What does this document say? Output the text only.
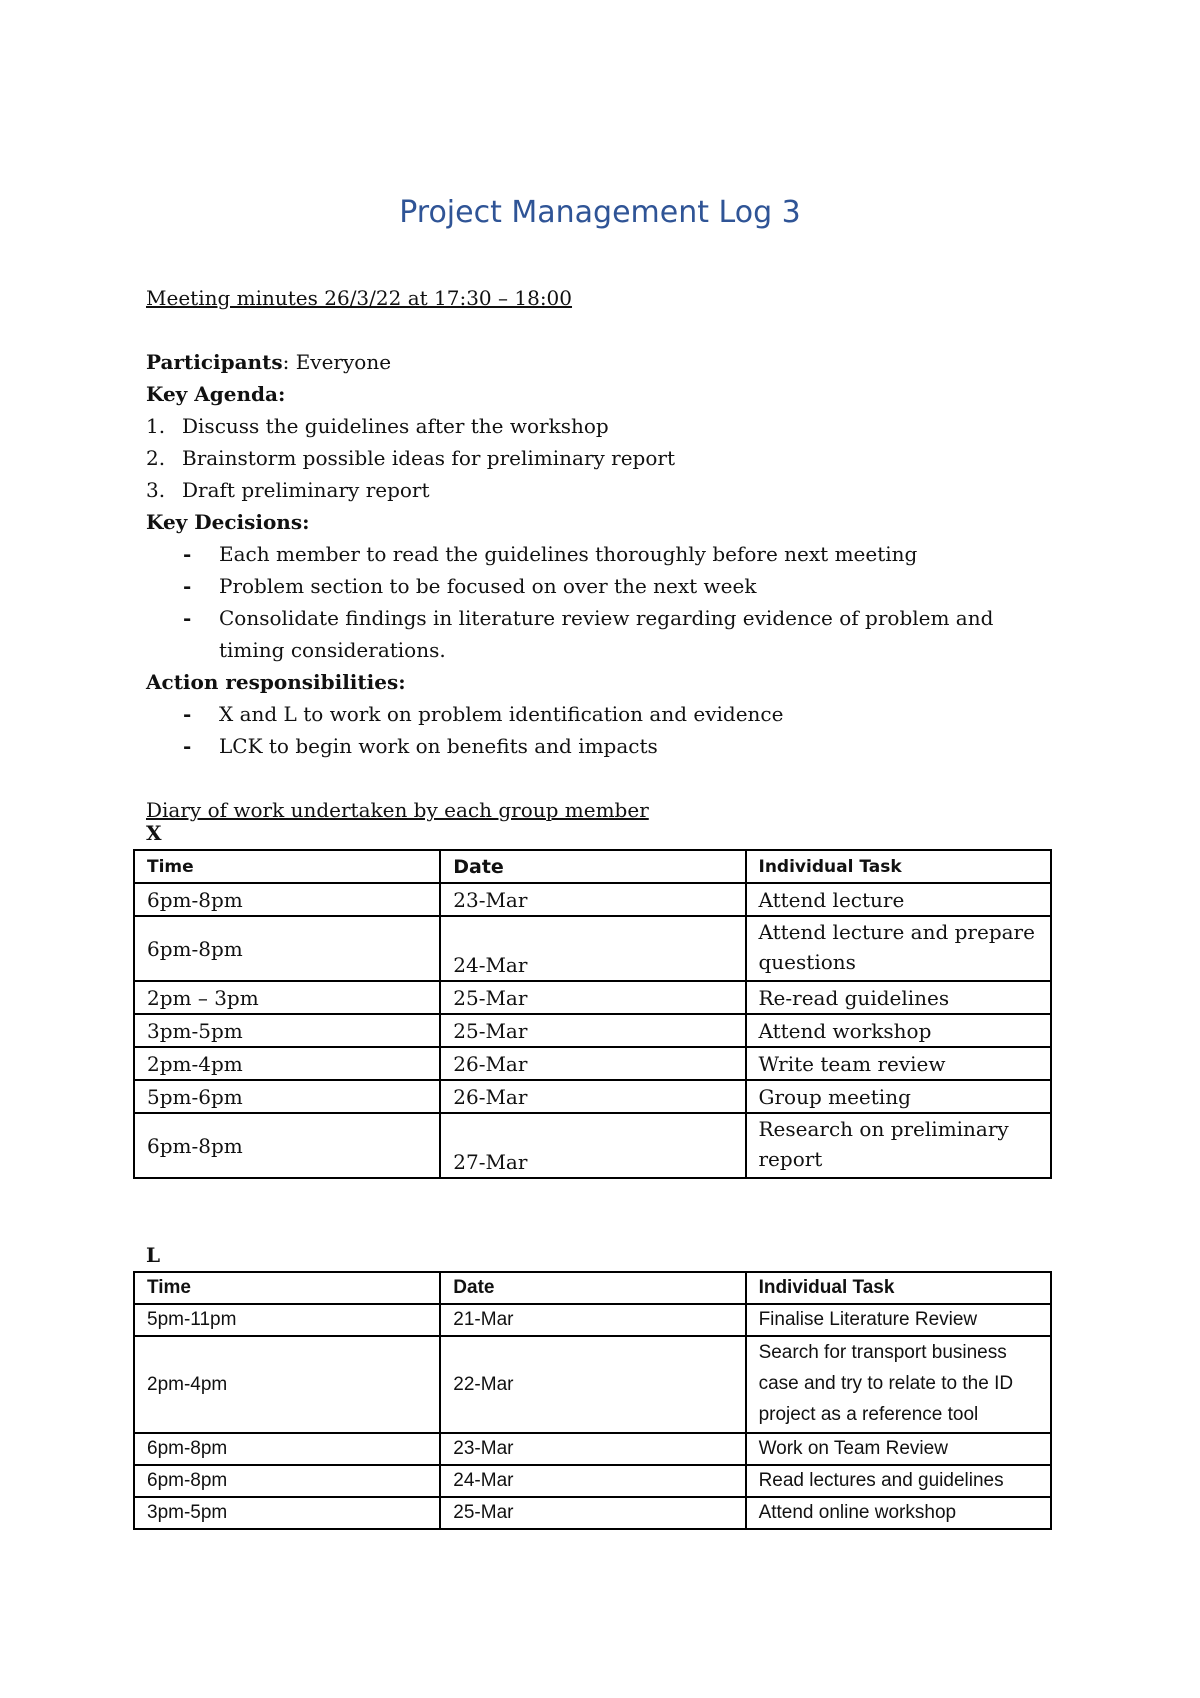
Project Management Log 3
Meeting minutes 26/3/22 at 17:30 – 18:00
Participants: Everyone
Key Agenda:
1. Discuss the guidelines after the workshop
2. Brainstorm possible ideas for preliminary report
3. Draft preliminary report
Key Decisions:
-	Each member to read the guidelines thoroughly before next meeting
-	Problem section to be focused on over the next week
-	Consolidate findings in literature review regarding evidence of problem and timing considerations.
Action responsibilities:
-	X and L to work on problem identification and evidence
-	LCK to begin work on benefits and impacts
Diary of work undertaken by each group member
X
Time	Date	Individual Task
6pm-8pm	23-Mar	Attend lecture
6pm-8pm	24-Mar	Attend lecture and prepare questions
2pm – 3pm	25-Mar	Re-read guidelines
3pm-5pm	25-Mar	Attend workshop
2pm-4pm	26-Mar	Write team review
5pm-6pm	26-Mar	Group meeting
6pm-8pm	27-Mar	Research on preliminary report
L
Time	Date	Individual Task
5pm-11pm	21-Mar	Finalise Literature Review
2pm-4pm	22-Mar	Search for transport business case and try to relate to the ID project as a reference tool
6pm-8pm	23-Mar	Work on Team Review
6pm-8pm	24-Mar	Read lectures and guidelines
3pm-5pm	25-Mar	Attend online workshop
